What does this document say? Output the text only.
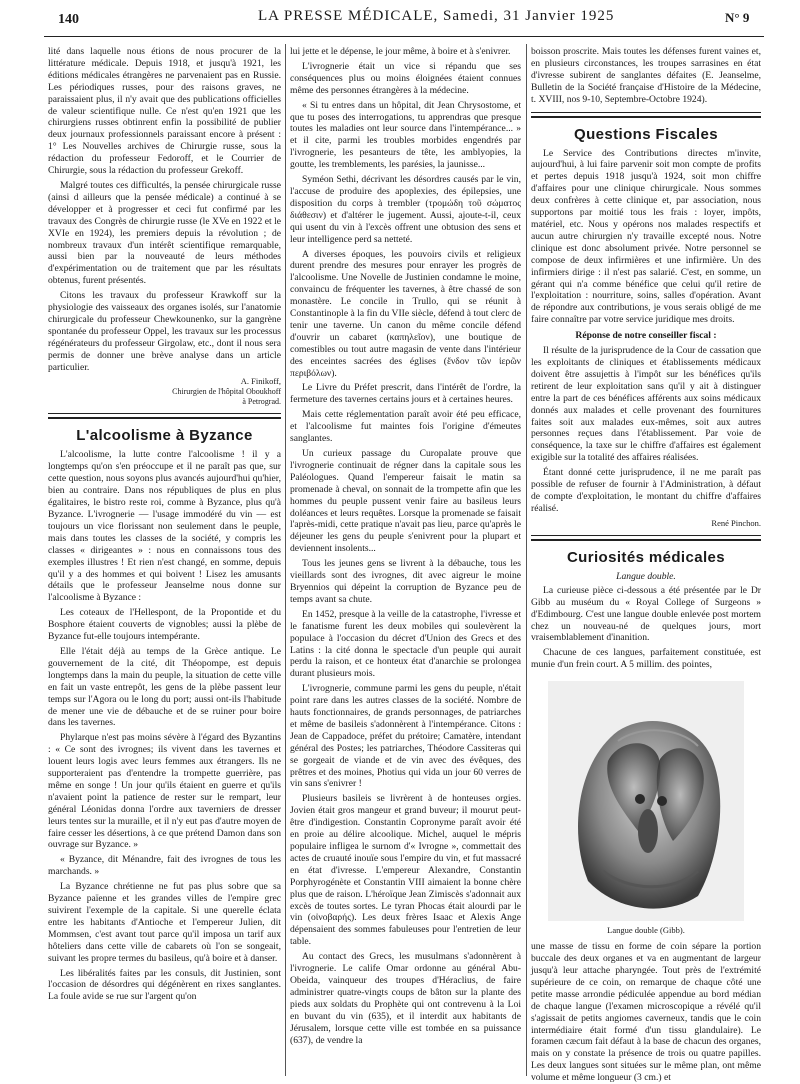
140	LA PRESSE MÉDICALE, Samedi, 31 Janvier 1925	N° 9

lité dans laquelle nous étions de nous procurer de la littérature médicale. Depuis 1918, et jusqu'à 1921, les éditions médicales étrangères ne parvenaient pas en Russie. Les périodiques russes, pour des raisons graves, ne paraissaient plus, il n'y avait que des publications officielles de valeur scientifique nulle. Ce n'est qu'en 1921 que les chirurgiens russes obtinrent enfin la possibilité de publier deux journaux professionnels paraissant encore à présent : 1° Les Nouvelles archives de Chirurgie russe, sous la rédaction du professeur Fedoroff, et le Courrier de Chirurgie, sous la rédaction du professeur Grekoff.

Malgré toutes ces difficultés, la pensée chirurgicale russe (ainsi d ailleurs que la pensée médicale) a continué à se développer et à progresser et ceci fut confirmé par les travaux des Congrès de chirurgie russe (le XVe en 1922 et le XVIe en 1924), les premiers depuis la révolution ; de nombreux travaux d'un intérêt scientifique remarquable, aussi bien par la nouveauté de leurs méthodes d'expérimentation ou de traitement que par les résultats obtenus, furent présentés.

Citons les travaux du professeur Krawkoff sur la physiologie des vaisseaux des organes isolés, sur l'anatomie chirurgicale du professeur Chewkounenko, sur la gangrène spontanée du professeur Oppel, les travaux sur les processus régénérateurs du professeur Girgolaw, etc., dont il nous sera permis de donner une brève analyse dans un article particulier.

A. Finikoff,
Chirurgien de l'hôpital Oboukhoff
à Petrograd.
L'alcoolisme à Byzance

L'alcoolisme, la lutte contre l'alcoolisme ! il y a longtemps qu'on s'en préoccupe et il ne paraît pas que, sur cette question, nous soyons plus avancés aujourd'hui qu'hier, bien au contraire. Dans nos républiques de plus en plus égalitaires, le bistro reste roi, comme à Byzance, plus qu'à Byzance. L'ivrognerie — l'usage immodéré du vin — est toujours un vice florissant non seulement dans le peuple, mais dans toutes les classes de la société, y compris les classes « dirigeantes » : nous en connaissons tous des exemples illustres ! Et rien n'est changé, en somme, depuis qu'il y a des hommes et qui boivent ! Lisez les amusants détails que le professeur Jeanselme nous donne sur l'alcoolisme à Byzance :

Les coteaux de l'Hellespont, de la Propontide et du Bosphore étaient couverts de vignobles; aussi la plèbe de Byzance fut-elle toujours intempérante.

Elle l'était déjà au temps de la Grèce antique. Le gouvernement de la cité, dit Théopompe, est depuis longtemps dans la main du peuple, la situation de cette ville en fait un vaste entrepôt, les gens de la plèbe passent leur temps sur l'Agora ou le long du port; aussi ont-ils l'habitude de mener une vie de débauche et de se ruiner pour boire dans les tavernes.

Phylarque n'est pas moins sévère à l'égard des Byzantins : « Ce sont des ivrognes; ils vivent dans les tavernes et louent leurs logis avec leurs femmes aux étrangers. Ils ne supporteraient pas d'entendre la trompette guerrière, pas même en songe ! Un jour qu'ils étaient en guerre et qu'ils n'avaient point la patience de rester sur le rempart, leur général Léonidas donna l'ordre aux taverniers de dresser leurs tentes sur la muraille, et il n'y eut pas d'autre moyen de faire cesser les désertions, à ce que prétend Damon dans son ouvrage sur Byzance. »

« Byzance, dit Ménandre, fait des ivrognes de tous les marchands. »

La Byzance chrétienne ne fut pas plus sobre que sa Byzance païenne et les grandes villes de l'empire grec suivirent l'exemple de la capitale. Si une querelle éclata entre les habitants d'Antioche et l'empereur Julien, dit Mommsen, c'est avant tout parce qu'il imposa un tarif aux hôteliers dans cette ville de cabarets où l'on se songeait, suivant les propre termes du basileus, qu'à boire et à danser.

Les libéralités faites par les consuls, dit Justinien, sont l'occasion de désordres qui dégénèrent en rixes sanglantes. La foule avide se rue sur l'argent qu'on

lui jette et le dépense, le jour même, à boire et à s'enivrer.

L'ivrognerie était un vice si répandu que ses conséquences plus ou moins éloignées étaient connues même des personnes étrangères à la médecine.

« Si tu entres dans un hôpital, dit Jean Chrysostome, et que tu poses des interrogations, tu apprendras que presque toutes les maladies ont leur source dans l'intempérance... » et il cite, parmi les troubles morbides engendrés par l'ivrognerie, les pesanteurs de tête, les amblyopies, la goutte, les tremblements, les parésies, la jaunisse...

Syméon Sethi, décrivant les désordres causés par le vin, l'accuse de produire des apoplexies, des épilepsies, une disposition du corps à trembler (τρομώδη τοῦ σώματος διάθεσιν) et d'altérer le jugement. Aussi, ajoute-t-il, ceux qui usent du vin à l'excès offrent une obtusion des sens et leur intelligence perd sa netteté.

A diverses époques, les pouvoirs civils et religieux durent prendre des mesures pour enrayer les progrès de l'alcoolisme. Une Novelle de Justinien condamne le moine, convaincu de fréquenter les tavernes, à être chassé de son monastère. Le concile in Trullo, qui se réunit à Constantinople à la fin du VIIe siècle, défend à tout clerc de tenir une taverne. Un canon du même concile défend d'ouvrir un cabaret (καπηλεῖον), une boutique de comestibles ou tout autre magasin de vente dans l'intérieur des enceintes sacrées des églises (ἔνδον τῶν ἱερῶν περιβόλων).

Le Livre du Préfet prescrit, dans l'intérêt de l'ordre, la fermeture des tavernes certains jours et à certaines heures.

Mais cette réglementation paraît avoir été peu efficace, et l'alcoolisme fut maintes fois l'origine d'émeutes sanglantes.

Un curieux passage du Curopalate prouve que l'ivrognerie continuait de régner dans la capitale sous les Paléologues. Quand l'empereur faisait le matin sa promenade à cheval, on sonnait de la trompette afin que les hommes du peuple pussent venir faire au basileus leurs doléances et leurs requêtes. Lorsque la promenade se faisait l'après-midi, cette pratique n'avait pas lieu, parce qu'après le déjeuner les gens du peuple s'enivrent pour la plupart et deviennent insolents...

Tous les jeunes gens se livrent à la débauche, tous les vieillards sont des ivrognes, dit avec aigreur le moine Bryennios qui dépeint la corruption de Byzance peu de temps avant sa chute.

En 1452, presque à la veille de la catastrophe, l'ivresse et le fanatisme furent les deux mobiles qui soulevèrent la populace à l'occasion du décret d'Union des Grecs et des Latins : la cité donna le spectacle d'un peuple qui aurait perdu la raison, et ce honteux état d'anarchie se prolongea durant plusieurs mois.

L'ivrognerie, commune parmi les gens du peuple, n'était point rare dans les autres classes de la société. Nombre de hauts fonctionnaires, de grands personnages, de patriarches et même de basileis s'adonnèrent à l'intempérance. Citons : Jean de Cappadoce, préfet du prétoire; Camatère, intendant général des Postes; les patriarches, Théodore Cassiteras qui se gorgeait de viande et de vin avec des évêques, des prêtres et des moines, Photius qui vida un jour 60 verres de vin sans s'enivrer !

Plusieurs basileis se livrèrent à de honteuses orgies. Jovien était gros mangeur et grand buveur; il mourut peut-être d'indigestion. Constantin Copronyme paraît avoir été en proie au délire alcoolique. Michel, auquel le mépris populaire infligea le surnom d'« Ivrogne », commettait des actes de cruauté inouïe sous l'empire du vin, et fut massacré en état d'ivresse. L'empereur Alexandre, Constantin Porphyrogénète et Constantin VIII aimaient la bonne chère plus que de raison. L'héroïque Jean Zimiscès s'adonnait aux excès de toutes sortes. Le tyran Phocas était alourdi par le vin (οἰνοβαρής). Les deux frères Isaac et Alexis Ange dépensaient des sommes fabuleuses pour l'entretien de leur table.

Au contact des Grecs, les musulmans s'adonnèrent à l'ivrognerie. Le calife Omar ordonne au général Abu-Obeida, vainqueur des troupes d'Héraclius, de faire administrer quatre-vingts coups de bâton sur la plante des pieds aux soldats du Prophète qui ont contrevenu à la Loi en buvant du vin (635), et il interdit aux habitants de Jérusalem, lorsque cette ville est tombée en sa puissance (637), de vendre la

boisson proscrite. Mais toutes les défenses furent vaines et, en plusieurs circonstances, les troupes sarrasines en état d'ivresse subirent de sanglantes défaites (E. Jeanselme, Bulletin de la Société française d'Histoire de la Médecine, t. XVIII, nos 9-10, Septembre-Octobre 1924).

Questions Fiscales

Le Service des Contributions directes m'invite, aujourd'hui, à lui faire parvenir soit mon compte de profits et pertes depuis 1918 jusqu'à 1924, soit mon chiffre d'affaires pour une clinique chirurgicale. Nous sommes deux confrères à cette clinique et, par association, nous supportons par moitié tous les frais : loyer, impôts, matériel, etc. Nous y opérons nos malades respectifs et aucun autre chirurgien n'y travaille excepté nous. Notre clinique est donc absolument privée. Notre personnel se compose de deux infirmières et une infirmière. Un des infirmiers dirige : il n'est pas salarié. C'est, en somme, un gérant qui n'a comme bénéfice que celui qu'il retire de l'exploitation : nourriture, soins, salles d'opération. Avant de répondre aux contributions, je vous serais obligé de me faire connaître par votre service juridique mes droits.

Réponse de notre conseiller fiscal :

Il résulte de la jurisprudence de la Cour de cassation que les exploitants de cliniques et établissements médicaux doivent être assujettis à l'impôt sur les bénéfices qu'ils retirent de leur exploitation sans qu'il y ait à distinguer entre la part de ces bénéfices afférents aux soins médicaux donnés aux malades et celle provenant des fournitures faites soit aux malades eux-mêmes, soit aux autres personnes reçues dans l'établissement. Par voie de conséquence, la taxe sur le chiffre d'affaires est également exigible sur la totalité des affaires réalisées.

Étant donné cette jurisprudence, il ne me paraît pas possible de refuser de fournir à l'Administration, à défaut de compte d'exploitation, le montant du chiffre d'affaires réalisé.

René Pinchon.
Curiosités médicales
Langue double.

La curieuse pièce ci-dessous a été présentée par le Dr Gibb au muséum du « Royal College of Surgeons » d'Edimbourg. C'est une langue double enlevée post mortem chez un nouveau-né de quelques jours, mort vraisemblablement d'inanition.

Chacune de ces langues, parfaitement constituée, est munie d'un frein court. A 5 millim. des pointes,

Langue double (Gibb).

une masse de tissu en forme de coin sépare la portion buccale des deux organes et va en augmentant de largeur jusqu'à leur attache pharyngée. Tout près de l'extrémité supérieure de ce coin, on remarque de chaque côté une petite masse arrondie pédiculée appendue au bord médian de chaque langue (l'examen microscopique a révélé qu'il s'agissait de petits angiomes caverneux, tandis que le coin intermédiaire était formé d'un tissu glandulaire). Le foramen cæcum fait défaut à la base de chacun des organes, mais on y constate la présence de trois ou quatre papilles. Les deux langues sont situées sur le même plan, ont même volume et même longueur (3 cm.) et
